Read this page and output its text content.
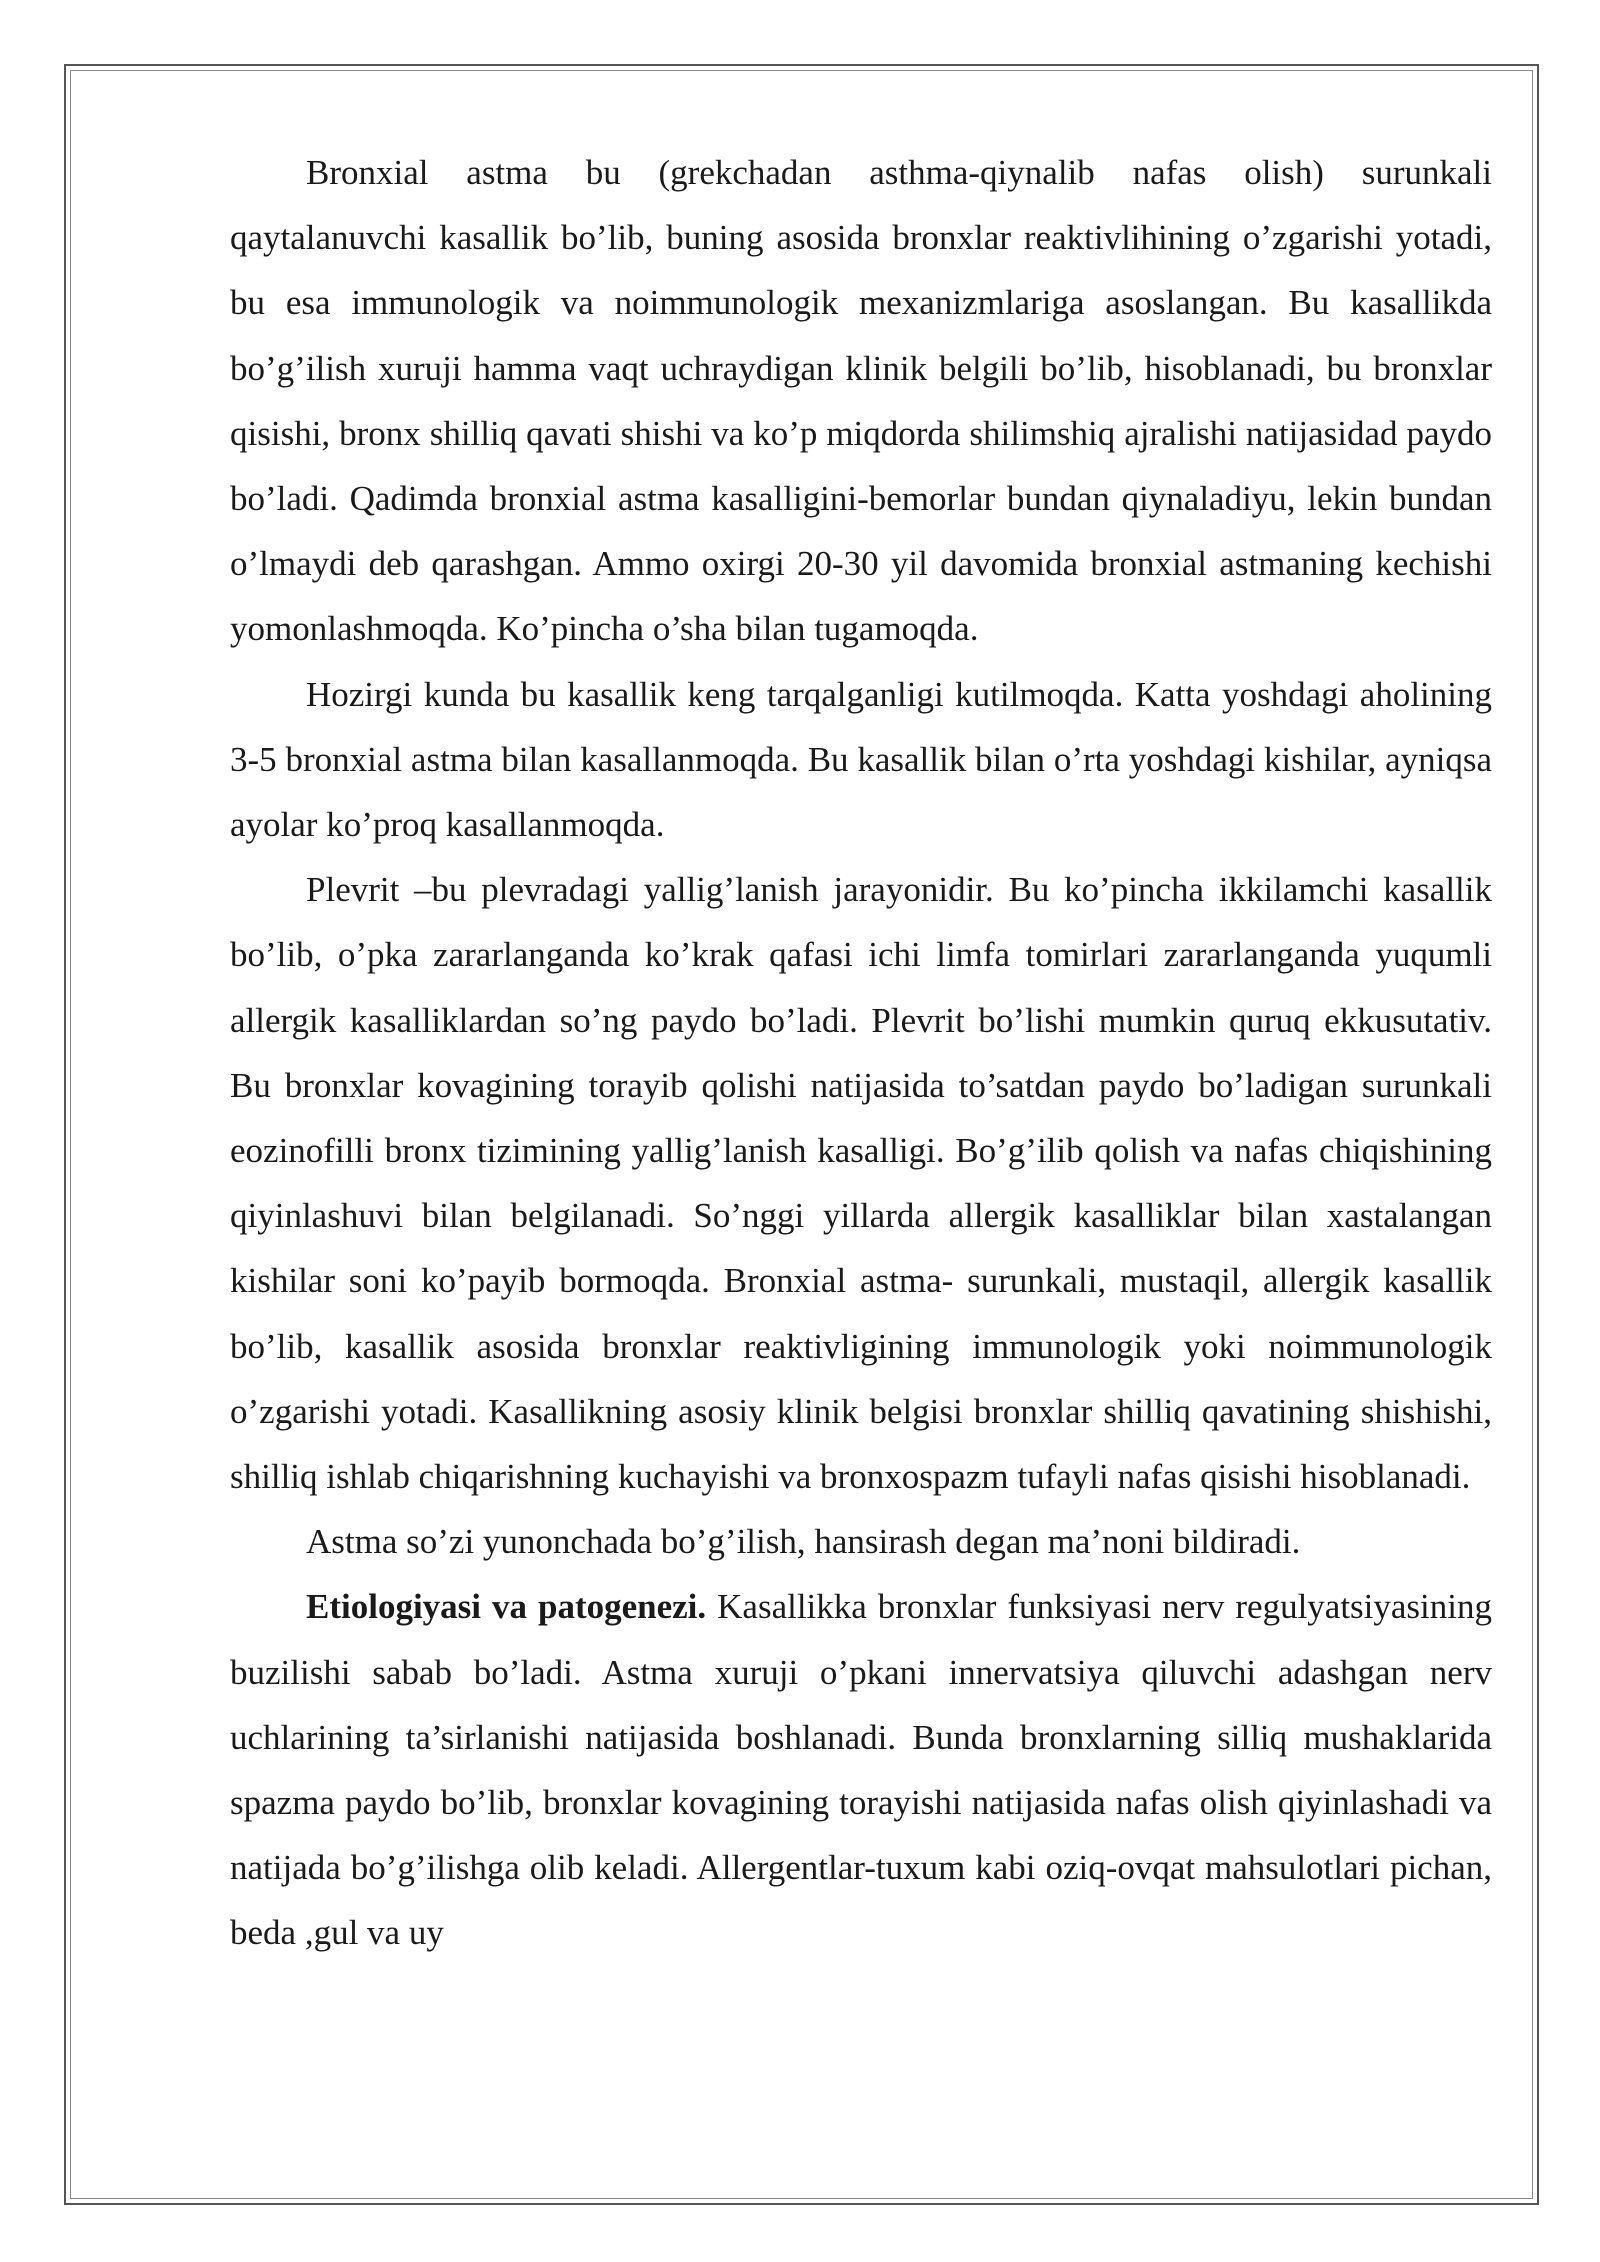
Bronxial astma bu (grekchadan asthma-qiynalib nafas olish) surunkali qaytalanuvchi kasallik bo’lib, buning asosida bronxlar reaktivlihining o’zgarishi yotadi, bu esa immunologik va noimmunologik mexanizmlariga asoslangan. Bu kasallikda bo’g’ilish xuruji hamma vaqt uchraydigan klinik belgili bo’lib, hisoblanadi, bu bronxlar qisishi, bronx shilliq qavati shishi va ko’p miqdorda shilimshiq ajralishi natijasidad paydo bo’ladi. Qadimda bronxial astma kasalligini-bemorlar bundan qiynaladiyu, lekin bundan o’lmaydi deb qarashgan. Ammo oxirgi 20-30 yil davomida bronxial astmaning kechishi yomonlashmoqda. Ko’pincha o’sha bilan tugamoqda.

Hozirgi kunda bu kasallik keng tarqalganligi kutilmoqda. Katta yoshdagi aholining 3-5 bronxial astma bilan kasallanmoqda. Bu kasallik bilan o’rta yoshdagi kishilar, ayniqsa ayolar ko’proq kasallanmoqda.

Plevrit –bu plevradagi yallig’lanish jarayonidir. Bu ko’pincha ikkilamchi kasallik bo’lib, o’pka zararlanganda ko’krak qafasi ichi limfa tomirlari zararlanganda yuqumli allergik kasalliklardan so’ng paydo bo’ladi. Plevrit bo’lishi mumkin quruq ekkusutativ. Bu bronxlar kovagining torayib qolishi natijasida to’satdan paydo bo’ladigan surunkali eozinofilli bronx tizimining yallig’lanish kasalligi. Bo’g’ilib qolish va nafas chiqishining qiyinlashuvi bilan belgilanadi. So’nggi yillarda allergik kasalliklar bilan xastalangan kishilar soni ko’payib bormoqda. Bronxial astma- surunkali, mustaqil, allergik kasallik bo’lib, kasallik asosida bronxlar reaktivligining immunologik yoki noimmunologik o’zgarishi yotadi. Kasallikning asosiy klinik belgisi bronxlar shilliq qavatining shishishi, shilliq ishlab chiqarishning kuchayishi va bronxospazm tufayli nafas qisishi hisoblanadi.

Astma so’zi yunonchada bo’g’ilish, hansirash degan ma’noni bildiradi.

Etiologiyasi va patogenezi. Kasallikka bronxlar funksiyasi nerv regulyatsiyasining buzilishi sabab bo’ladi. Astma xuruji o’pkani innervatsiya qiluvchi adashgan nerv uchlarining ta’sirlanishi natijasida boshlanadi. Bunda bronxlarning silliq mushaklarida spazma paydo bo’lib, bronxlar kovagining torayishi natijasida nafas olish qiyinlashadi va natijada bo’g’ilishga olib keladi. Allergentlar-tuxum kabi oziq-ovqat mahsulotlari pichan, beda ,gul va uy
